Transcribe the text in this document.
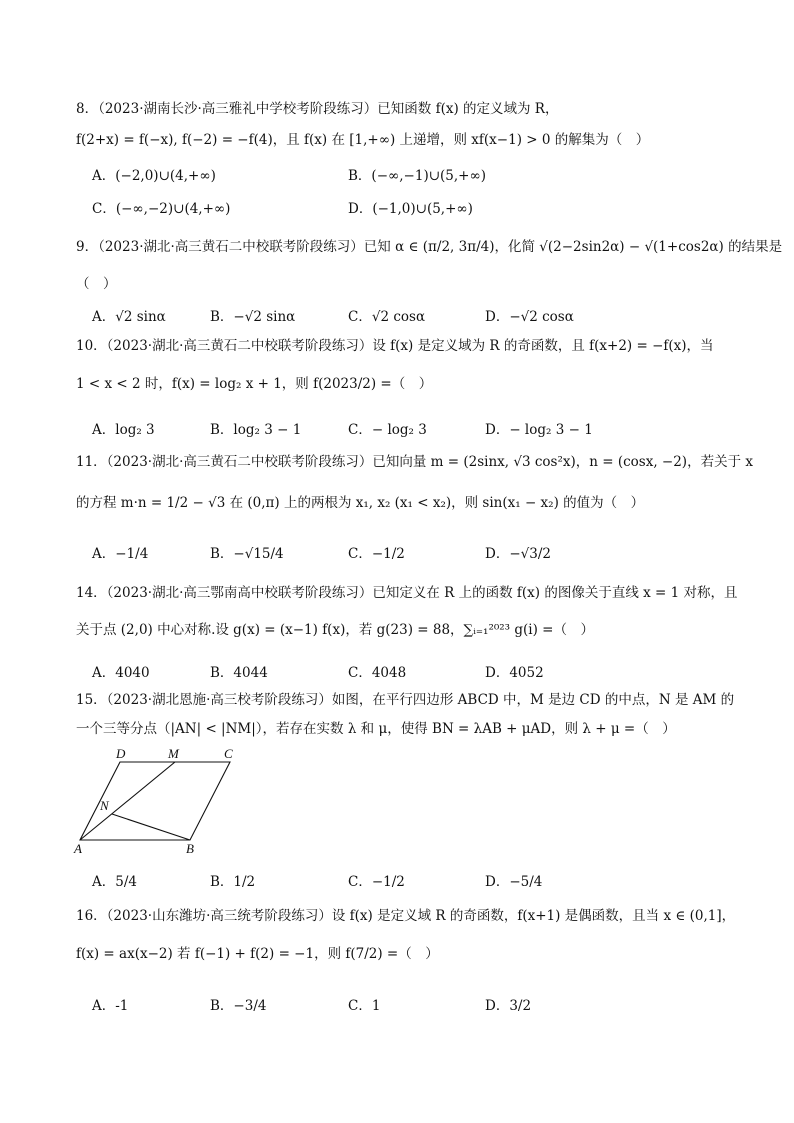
8．（2023·湖南长沙·高三雅礼中学校考阶段练习）已知函数 f(x) 的定义域为 R，
f(2+x) = f(−x), f(−2) = −f(4)，且 f(x) 在 [1,+∞) 上递增，则 xf(x−1) > 0 的解集为（　）
A．(−2,0)∪(4,+∞)	B．(−∞,−1)∪(5,+∞)
C．(−∞,−2)∪(4,+∞)	D．(−1,0)∪(5,+∞)
9．（2023·湖北·高三黄石二中校联考阶段练习）已知 α ∈ (π/2, 3π/4)，化简 √(2−2sin2α) − √(1+cos2α) 的结果是
（　）
A．√2 sinα	B．−√2 sinα	C．√2 cosα	D．−√2 cosα
10．（2023·湖北·高三黄石二中校联考阶段练习）设 f(x) 是定义域为 R 的奇函数，且 f(x+2) = −f(x)，当
1 < x < 2 时，f(x) = log₂ x + 1，则 f(2023/2) =（　）
A．log₂ 3	B．log₂ 3 − 1	C．− log₂ 3	D．− log₂ 3 − 1
11．（2023·湖北·高三黄石二中校联考阶段练习）已知向量 m = (2sinx, √3 cos²x)，n = (cosx, −2)，若关于 x
的方程 m·n = 1/2 − √3 在 (0,π) 上的两根为 x₁, x₂ (x₁ < x₂)，则 sin(x₁ − x₂) 的值为（　）
A．−1/4	B．−√15/4	C．−1/2	D．−√3/2
14．（2023·湖北·高三鄂南高中校联考阶段练习）已知定义在 R 上的函数 f(x) 的图像关于直线 x = 1 对称，且
关于点 (2,0) 中心对称.设 g(x) = (x−1) f(x)，若 g(23) = 88，∑ᵢ₌₁²⁰²³ g(i) =（　）
A．4040	B．4044	C．4048	D．4052
15．（2023·湖北恩施·高三校考阶段练习）如图，在平行四边形 ABCD 中，M 是边 CD 的中点，N 是 AM 的
一个三等分点（|AN| < |NM|），若存在实数 λ 和 μ，使得 BN = λAB + μAD，则 λ + μ =（　）
D	M	C
N
A	B
A．5/4	B．1/2	C．−1/2	D．−5/4
16．（2023·山东潍坊·高三统考阶段练习）设 f(x) 是定义域 R 的奇函数，f(x+1) 是偶函数，且当 x ∈ (0,1]，
f(x) = ax(x−2) 若 f(−1) + f(2) = −1，则 f(7/2) =（　）
A．-1	B．−3/4	C．1	D．3/2
